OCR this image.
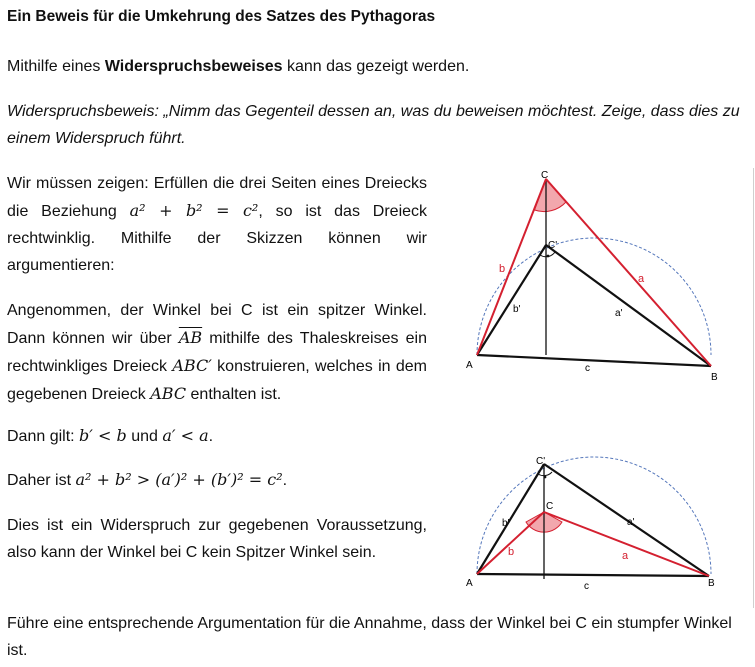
Ein Beweis für die Umkehrung des Satzes des Pythagoras
Mithilfe eines Widerspruchsbeweises kann das gezeigt werden.
Widerspruchsbeweis: „Nimm das Gegenteil dessen an, was du beweisen möchtest. Zeige, dass dies zu einem Widerspruch führt.
Wir müssen zeigen: Erfüllen die drei Seiten eines Dreiecks die Beziehung a² + b² = c², so ist das Dreieck rechtwinklig. Mithilfe der Skizzen können wir argumentieren:
Angenommen, der Winkel bei C ist ein spitzer Winkel. Dann können wir über $\overline{AB}$ mithilfe des Thaleskreises ein rechtwinkliges Dreieck ABC′ konstruieren, welches in dem gegebenen Dreieck ABC enthalten ist.
Dann gilt: b′ < b und a′ < a.
Daher ist a² + b² > (a′)² + (b′)² = c².
Dies ist ein Widerspruch zur gegebenen Voraussetzung, also kann der Winkel bei C kein Spitzer Winkel sein.
Führe eine entsprechende Argumentation für die Annahme, dass der Winkel bei C ein stumpfer Winkel ist.
C
C'
A
B
b
a
b'	a'
c
C'
C
A	B
b	a
b'	a'
c
